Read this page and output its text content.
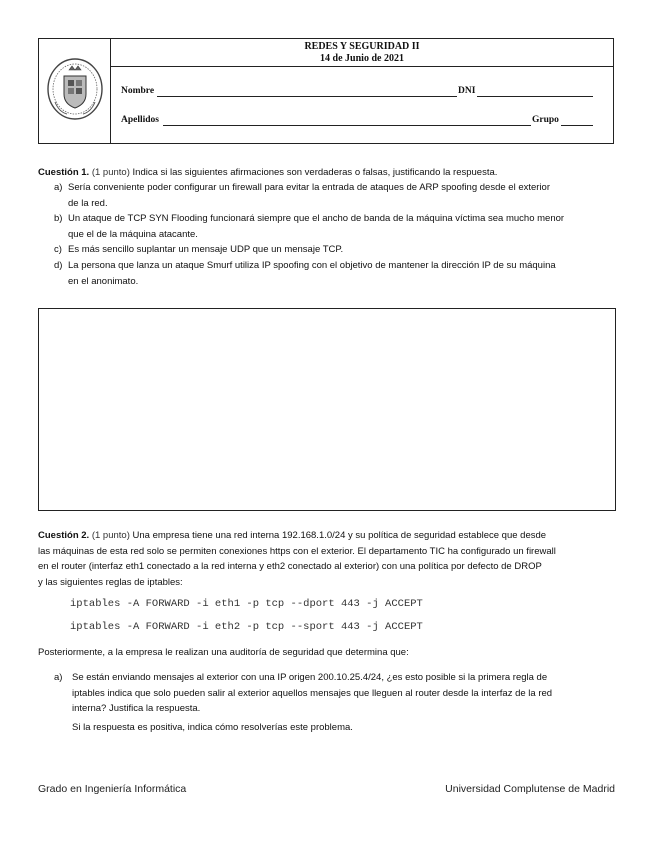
REDES Y SEGURIDAD II
14 de Junio de 2021
Nombre	DNI
Apellidos	Grupo
Cuestión 1. (1 punto) Indica si las siguientes afirmaciones son verdaderas o falsas, justificando la respuesta.
a) Sería conveniente poder configurar un firewall para evitar la entrada de ataques de ARP spoofing desde el exterior
de la red.
b) Un ataque de TCP SYN Flooding funcionará siempre que el ancho de banda de la máquina víctima sea mucho menor
que el de la máquina atacante.
c) Es más sencillo suplantar un mensaje UDP que un mensaje TCP.
d) La persona que lanza un ataque Smurf utiliza IP spoofing con el objetivo de mantener la dirección IP de su máquina
en el anonimato.
Cuestión 2. (1 punto) Una empresa tiene una red interna 192.168.1.0/24 y su política de seguridad establece que desde
las máquinas de esta red solo se permiten conexiones https con el exterior. El departamento TIC ha configurado un firewall
en el router (interfaz eth1 conectado a la red interna y eth2 conectado al exterior) con una política por defecto de DROP
y las siguientes reglas de iptables:
iptables -A FORWARD -i eth1 -p tcp --dport 443 -j ACCEPT
iptables -A FORWARD -i eth2 -p tcp --sport 443 -j ACCEPT
Posteriormente, a la empresa le realizan una auditoría de seguridad que determina que:
a) Se están enviando mensajes al exterior con una IP origen 200.10.25.4/24, ¿es esto posible si la primera regla de
iptables indica que solo pueden salir al exterior aquellos mensajes que lleguen al router desde la interfaz de la red
interna? Justifica la respuesta.
Si la respuesta es positiva, indica cómo resolverías este problema.
Grado en Ingeniería Informática	Universidad Complutense de Madrid
